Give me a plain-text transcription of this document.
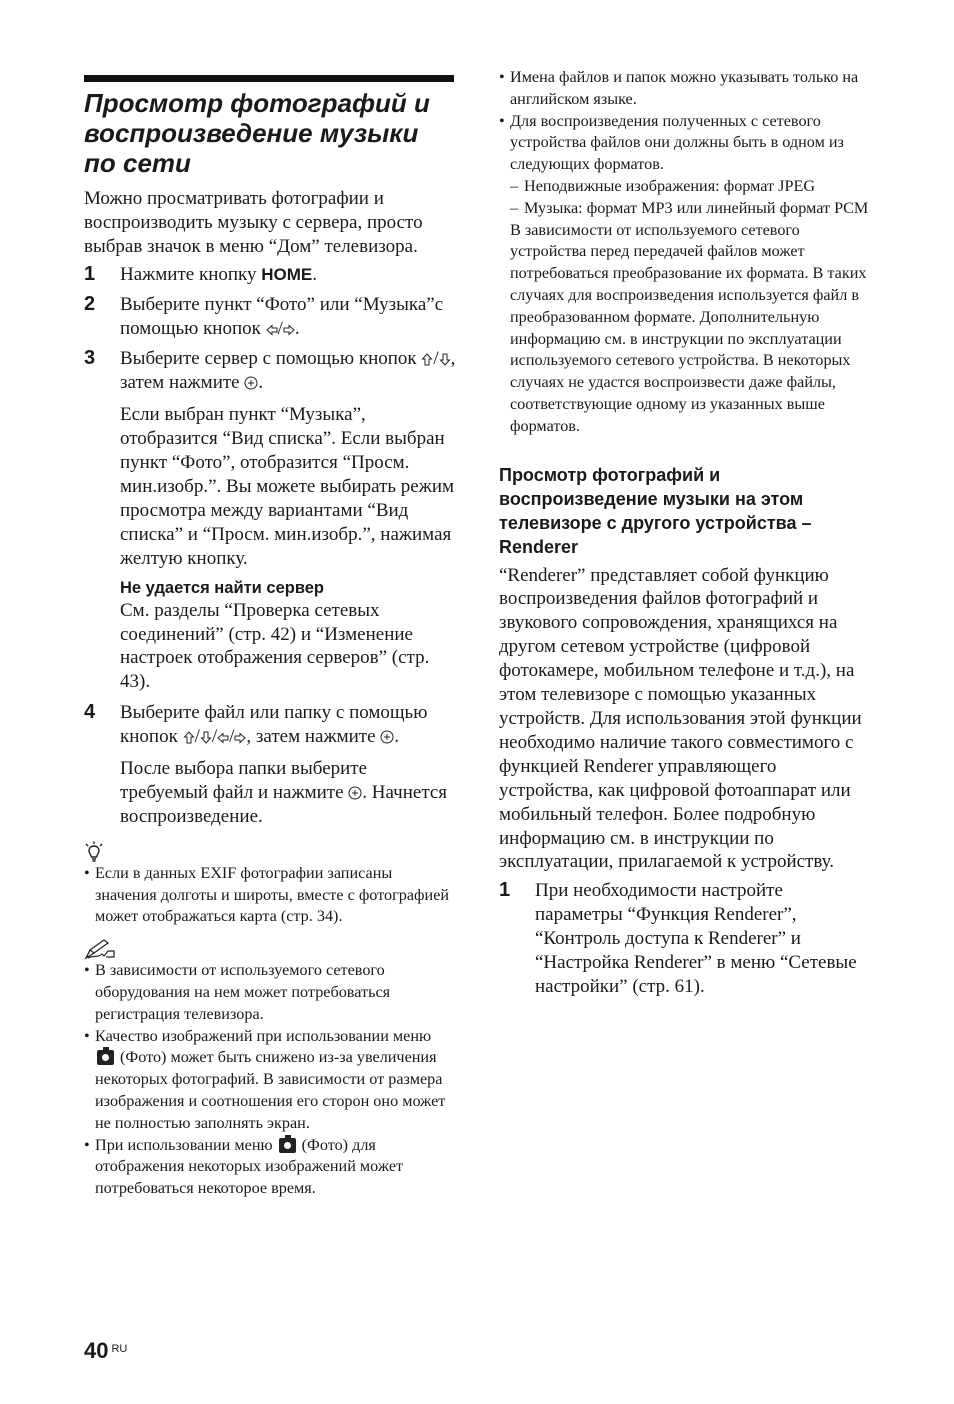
Просмотр фотографий и воспроизведение музыки по сети
Можно просматривать фотографии и воспроизводить музыку с сервера, просто выбрав значок в меню “Дом” телевизора.
1	Нажмите кнопку HOME.
2	Выберите пункт “Фото” или “Музыка”с помощью кнопок / .
3	Выберите сервер с помощью кнопок / , затем нажмите .
Если выбран пункт “Музыка”, отобразится “Вид списка”. Если выбран пункт “Фото”, отобразится “Просм. мин.изобр.”. Вы можете выбирать режим просмотра между вариантами “Вид списка” и “Просм. мин.изобр.”, нажимая желтую кнопку.
Не удается найти сервер
См. разделы “Проверка сетевых соединений” (стр. 42) и “Изменение настроек отображения серверов” (стр. 43).
4	Выберите файл или папку с помощью кнопок / / / , затем нажмите .
После выбора папки выберите требуемый файл и нажмите . Начнется воспроизведение.
• Если в данных EXIF фотографии записаны значения долготы и широты, вместе с фотографией может отображаться карта (стр. 34).
• В зависимости от используемого сетевого оборудования на нем может потребоваться регистрация телевизора.
• Качество изображений при использовании меню  (Фото) может быть снижено из-за увеличения некоторых фотографий. В зависимости от размера изображения и соотношения его сторон оно может не полностью заполнять экран.
• При использовании меню (Фото) для отображения некоторых изображений может потребоваться некоторое время.
• Имена файлов и папок можно указывать только на английском языке.
• Для воспроизведения полученных с сетевого устройства файлов они должны быть в одном из следующих форматов.
– Неподвижные изображения: формат JPEG
– Музыка: формат MP3 или линейный формат PCM
В зависимости от используемого сетевого устройства перед передачей файлов может потребоваться преобразование их формата. В таких случаях для воспроизведения используется файл в преобразованном формате. Дополнительную информацию см. в инструкции по эксплуатации используемого сетевого устройства. В некоторых случаях не удастся воспроизвести даже файлы, соответствующие одному из указанных выше форматов.
Просмотр фотографий и воспроизведение музыки на этом телевизоре с другого устройства – Renderer
“Renderer” представляет собой функцию воспроизведения файлов фотографий и звукового сопровождения, хранящихся на другом сетевом устройстве (цифровой фотокамере, мобильном телефоне и т.д.), на этом телевизоре с помощью указанных устройств. Для использования этой функции необходимо наличие такого совместимого с функцией Renderer управляющего устройства, как цифровой фотоаппарат или мобильный телефон. Более подробную информацию см. в инструкции по эксплуатации, прилагаемой к устройству.
1	При необходимости настройте параметры “Функция Renderer”, “Контроль доступа к Renderer” и “Настройка Renderer” в меню “Сетевые настройки” (стр. 61).
40 $^{RU}$
